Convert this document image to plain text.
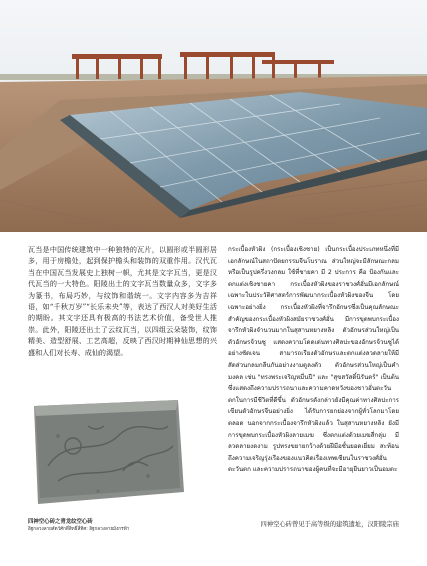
瓦当是中国传统建筑中一种独特的瓦片，以圆形或半圆形居多，用于房檐处，起到保护檐头和装饰的双重作用。汉代瓦当在中国瓦当发展史上独树一帜，尤其是文字瓦当，更是汉代瓦当的一大特色。阳陵出土的文字瓦当数量众多，文字多为篆书，布局巧妙，与纹饰和谐统一。文字内容多为吉祥语，如“千秋万岁”“长乐未央”等，表达了西汉人对美好生活的期盼。其文字还具有极高的书法艺术价值，备受世人推崇。此外，阳陵还出土了云纹瓦当，以四组云朵装饰，纹饰精美、造型舒展、工艺高超，反映了西汉时期神仙思想的兴盛和人们对长寿、成仙的渴望。
กระเบื้องหัวผิง (กระเบื้องเชิงชาย) เป็นกระเบื้องประเภทหนึ่งที่มีเอกลักษณ์ในสถาปัตยกรรมจีนโบราณ ส่วนใหญ่จะมีลักษณะกลมหรือเป็นรูปครึ่งวงกลม ใช้ที่ชายคา มี 2 ประการ คือ ป้องกันและตกแต่งเชิงชายคา กระเบื้องหัวผิงของราชวงศ์ฮั่นมีเอกลักษณ์เฉพาะในประวัติศาสตร์การพัฒนากระเบื้องหัวผิงของจีน โดยเฉพาะอย่างยิ่ง กระเบื้องหัวผิงที่จารึกอักษรซึ่งเป็นคุณลักษณะสำคัญของกระเบื้องหัวผิงสมัยราชวงศ์ฮั่น มีการขุดพบกระเบื้องจารึกหัวผิงจำนวนมากในสุสานหยางหลิง ตัวอักษรส่วนใหญ่เป็นตัวอักษรจ้วนซู แสดงความโดดเด่นทางศิลปะของอักษรจ้วนซูได้อย่างชัดเจน สามารถเรียงตัวอักษรและตกแต่งลวดลายให้มีสัดส่วนกลมกลืนกันอย่างงามดูลงตัว ตัวอักษรส่วนใหญ่เป็นคำมงคล เช่น "ทรงพระเจริญหมื่นปี" และ "สุขสวัสดิ์นิรันดร์" เป็นต้น ซึ่งแสดงถึงความปรารถนาและความคาดหวังของชาวฮั่นตะวันตกในการมีชีวิตที่ดีขึ้น ตัวอักษรดังกล่าวยังมีคุณค่าทางศิลปะการเขียนตัวอักษรจีนอย่างยิ่ง ได้รับการยกย่องจากผู้ทั่วโลกมาโดยตลอด นอกจากกระเบื้องจารึกหัวผิงแล้ว ในสุสานหยางหลิง ยังมีการขุดพบกระเบื้องหัวผิงลายเมฆ ซึ่งตกแต่งด้วยเมฆสี่กลุ่ม มีลวดลายงดงาม รูปทรงขยายกว้างด้วยฝีมือชั้นยอดเยี่ยม สะท้อนถึงความเจริญรุ่งเรืองของแนวคิดเรื่องเทพเซียนในราชวงศ์ฮั่นตะวันตก และความปรารถนาของผู้คนที่จะมีอายุยืนยาวเป็นอมตะ
四神空心砖之青龙纹空心砖
อิฐกลวงลายสัตว์ศักดิ์สิทธิ์สี่ทิศ: อิฐกลวงลายมังกรฟ้า
四神空心砖曾见于高等级的建筑遗址，汉阳陵宗庙
